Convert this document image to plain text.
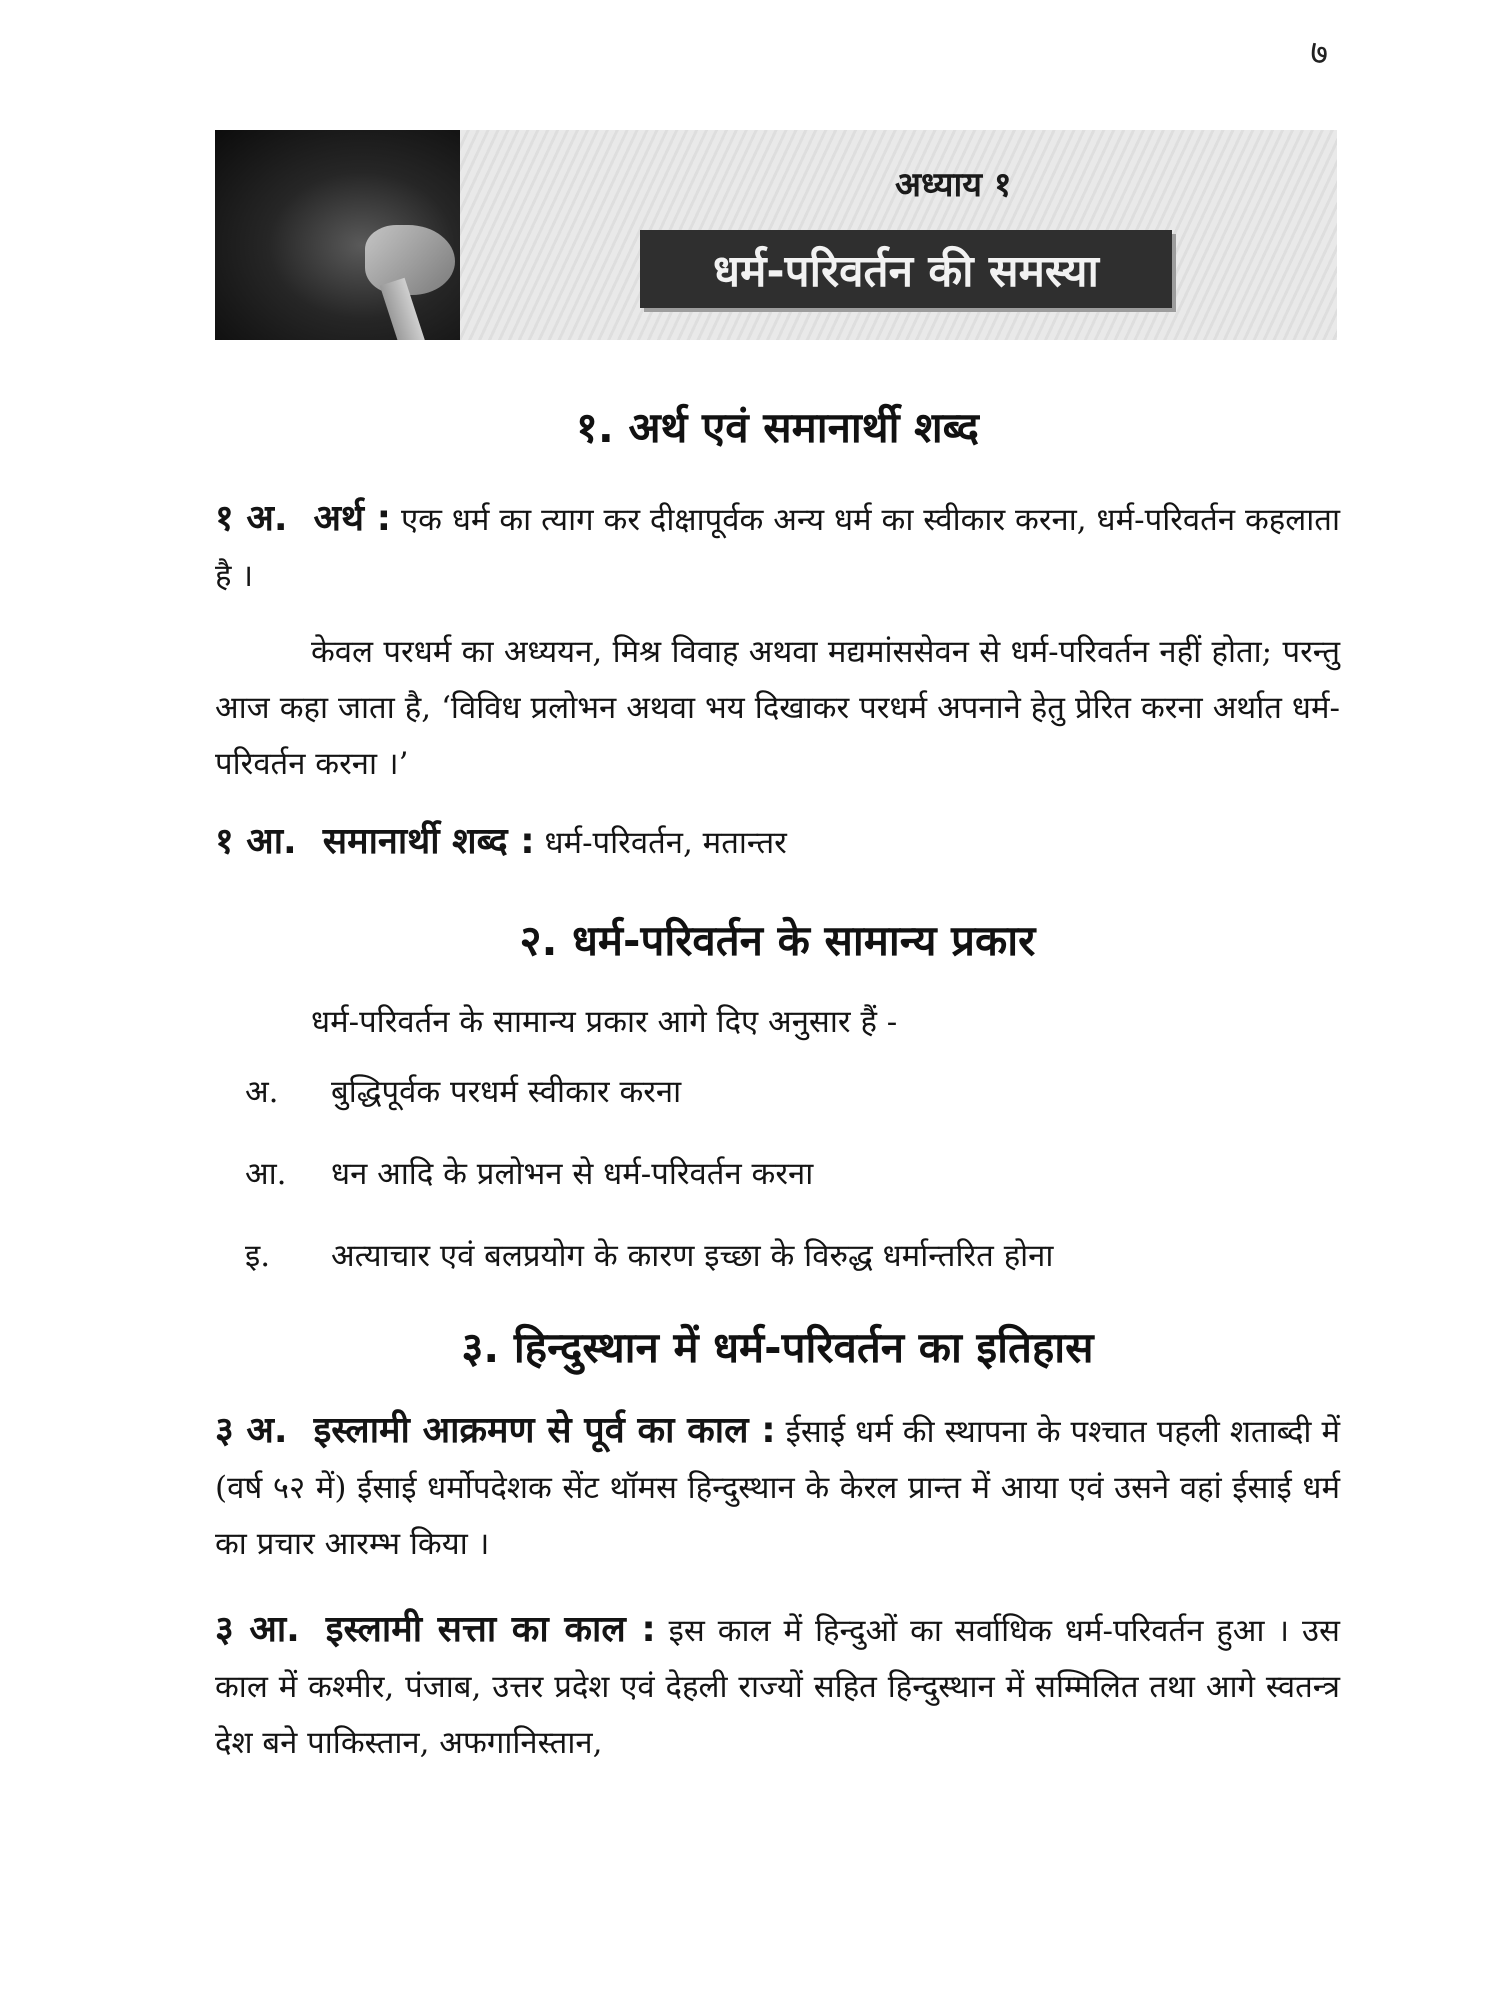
७
अध्याय १
धर्म-परिवर्तन की समस्या
१. अर्थ एवं समानार्थी शब्द

१ अ. अर्थ : एक धर्म का त्याग कर दीक्षापूर्वक अन्य धर्म का स्वीकार करना, धर्म-परिवर्तन कहलाता है ।

केवल परधर्म का अध्ययन, मिश्र विवाह अथवा मद्यमांससेवन से धर्म-परिवर्तन नहीं होता; परन्तु आज कहा जाता है, ‘विविध प्रलोभन अथवा भय दिखाकर परधर्म अपनाने हेतु प्रेरित करना अर्थात धर्म-परिवर्तन करना ।’

१ आ. समानार्थी शब्द : धर्म-परिवर्तन, मतान्तर

२. धर्म-परिवर्तन के सामान्य प्रकार

धर्म-परिवर्तन के सामान्य प्रकार आगे दिए अनुसार हैं -

अ.	बुद्धिपूर्वक परधर्म स्वीकार करना
आ.	धन आदि के प्रलोभन से धर्म-परिवर्तन करना
इ.	अत्याचार एवं बलप्रयोग के कारण इच्छा के विरुद्ध धर्मान्तरित होना
३. हिन्दुस्थान में धर्म-परिवर्तन का इतिहास

३ अ. इस्लामी आक्रमण से पूर्व का काल : ईसाई धर्म की स्थापना के पश्चात पहली शताब्दी में (वर्ष ५२ में) ईसाई धर्मोपदेशक सेंट थॉमस हिन्दुस्थान के केरल प्रान्त में आया एवं उसने वहां ईसाई धर्म का प्रचार आरम्भ किया ।

३ आ. इस्लामी सत्ता का काल : इस काल में हिन्दुओं का सर्वाधिक धर्म-परिवर्तन हुआ । उस काल में कश्मीर, पंजाब, उत्तर प्रदेश एवं देहली राज्यों सहित हिन्दुस्थान में सम्मिलित तथा आगे स्वतन्त्र देश बने पाकिस्तान, अफगानिस्तान,
